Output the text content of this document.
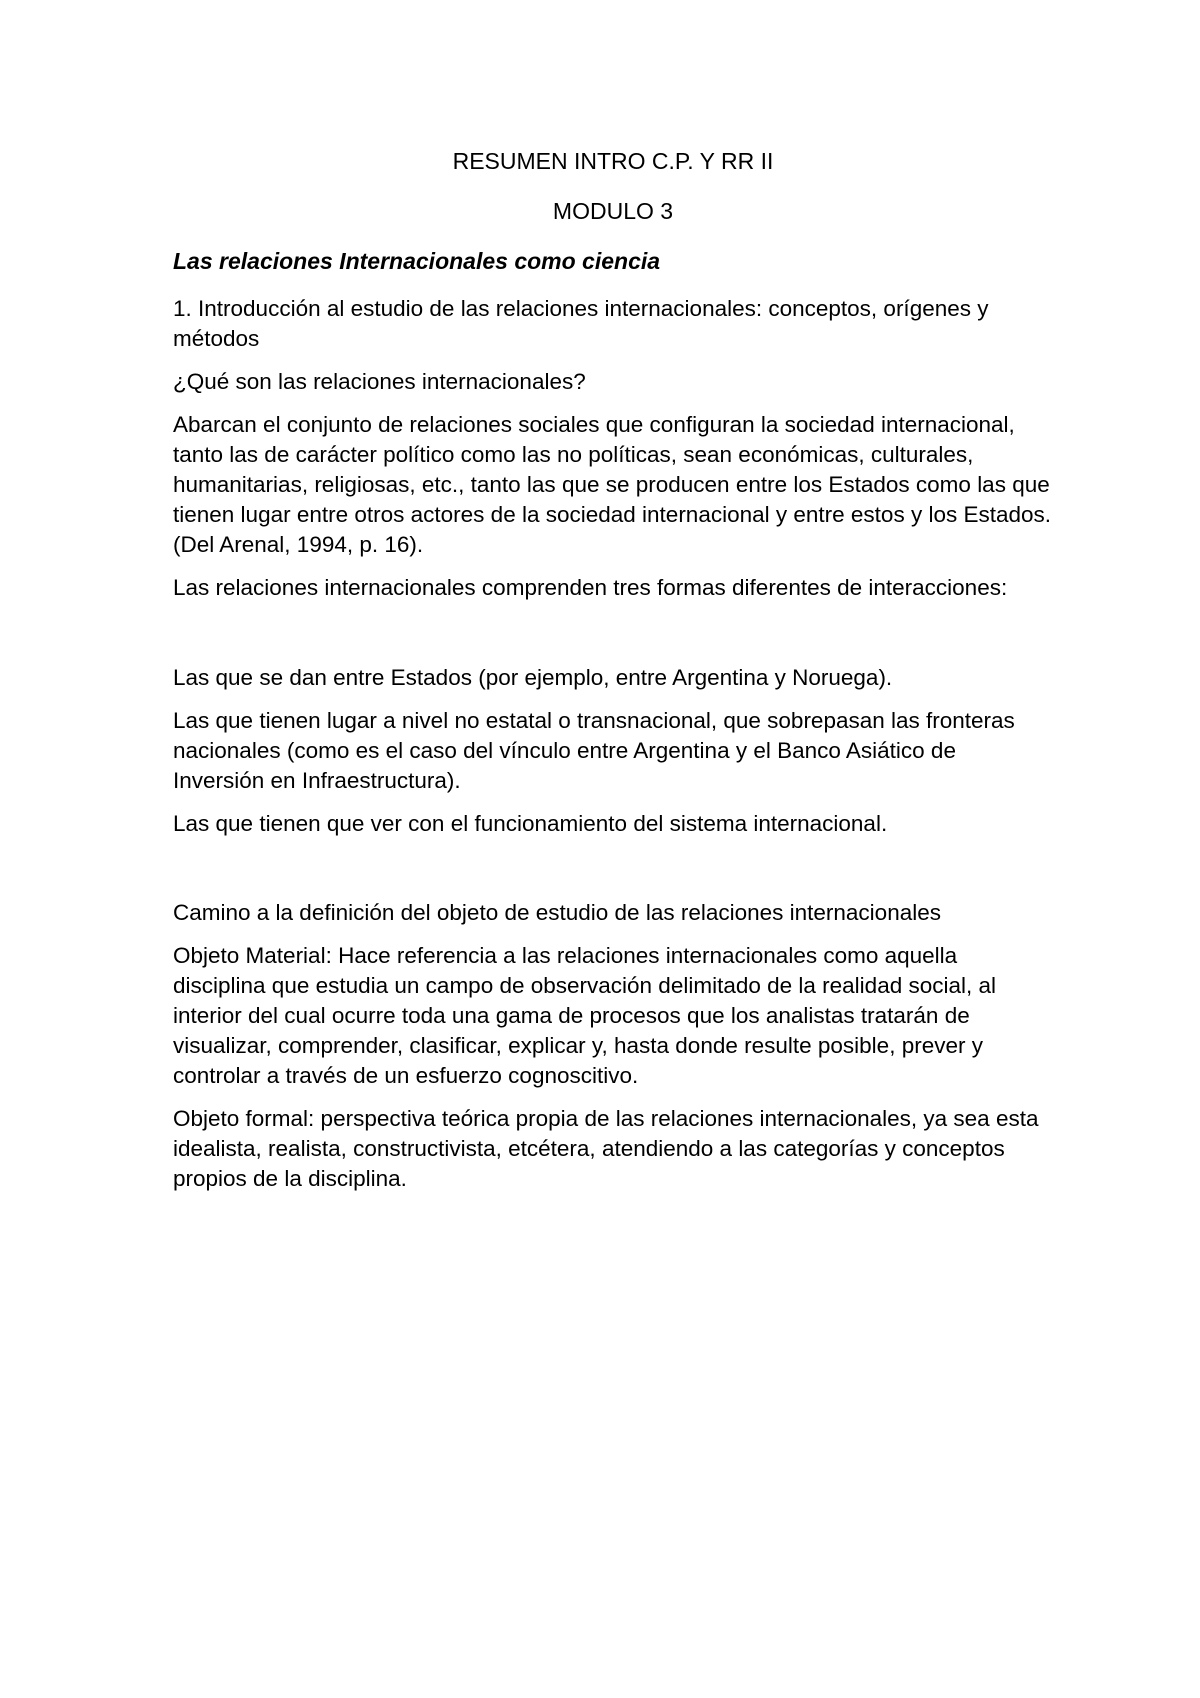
RESUMEN INTRO C.P. Y RR II
MODULO 3
Las relaciones Internacionales como ciencia

1. Introducción al estudio de las relaciones internacionales: conceptos, orígenes y métodos

¿Qué son las relaciones internacionales?

Abarcan el conjunto de relaciones sociales que configuran la sociedad internacional, tanto las de carácter político como las no políticas, sean económicas, culturales, humanitarias, religiosas, etc., tanto las que se producen entre los Estados como las que tienen lugar entre otros actores de la sociedad internacional y entre estos y los Estados. (Del Arenal, 1994, p. 16).

Las relaciones internacionales comprenden tres formas diferentes de interacciones:

Las que se dan entre Estados (por ejemplo, entre Argentina y Noruega).

Las que tienen lugar a nivel no estatal o transnacional, que sobrepasan las fronteras nacionales (como es el caso del vínculo entre Argentina y el Banco Asiático de Inversión en Infraestructura).

Las que tienen que ver con el funcionamiento del sistema internacional.

Camino a la definición del objeto de estudio de las relaciones internacionales

Objeto Material: Hace referencia a las relaciones internacionales como aquella disciplina que estudia un campo de observación delimitado de la realidad social, al interior del cual ocurre toda una gama de procesos que los analistas tratarán de visualizar, comprender, clasificar, explicar y, hasta donde resulte posible, prever y controlar a través de un esfuerzo cognoscitivo.

Objeto formal: perspectiva teórica propia de las relaciones internacionales, ya sea esta idealista, realista, constructivista, etcétera, atendiendo a las categorías y conceptos propios de la disciplina.
